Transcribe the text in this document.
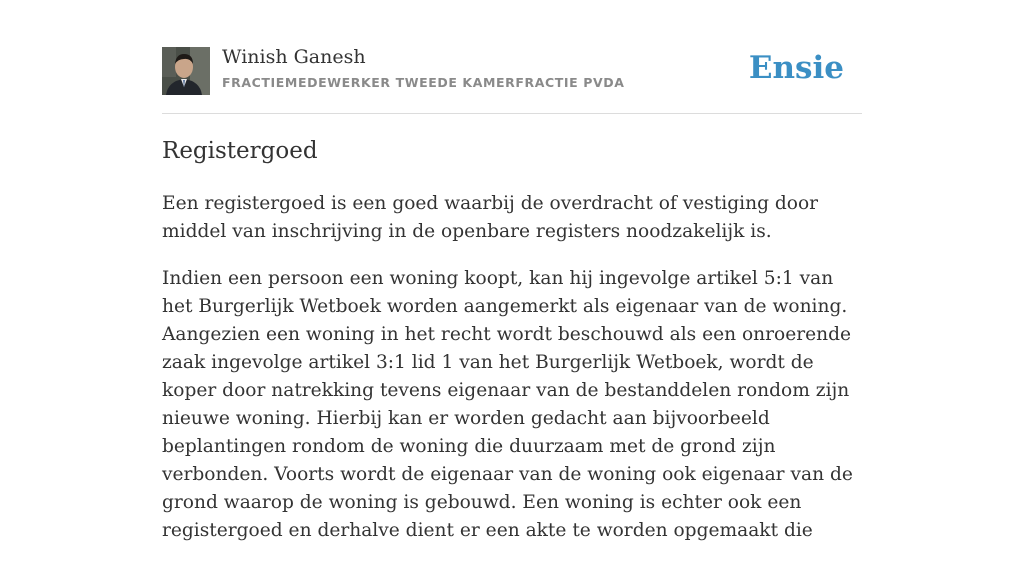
Winish Ganesh
FRACTIEMEDEWERKER TWEEDE KAMERFRACTIE PVDA	Ensie
Registergoed

Een registergoed is een goed waarbij de overdracht of vestiging door middel van inschrijving in de openbare registers noodzakelijk is.

Indien een persoon een woning koopt, kan hij ingevolge artikel 5:1 van het Burgerlijk Wetboek worden aangemerkt als eigenaar van de woning. Aangezien een woning in het recht wordt beschouwd als een onroerende zaak ingevolge artikel 3:1 lid 1 van het Burgerlijk Wetboek, wordt de koper door natrekking tevens eigenaar van de bestanddelen rondom zijn nieuwe woning. Hierbij kan er worden gedacht aan bijvoorbeeld beplantingen rondom de woning die duurzaam met de grond zijn verbonden. Voorts wordt de eigenaar van de woning ook eigenaar van de grond waarop de woning is gebouwd. Een woning is echter ook een registergoed en derhalve dient er een akte te worden opgemaakt die
